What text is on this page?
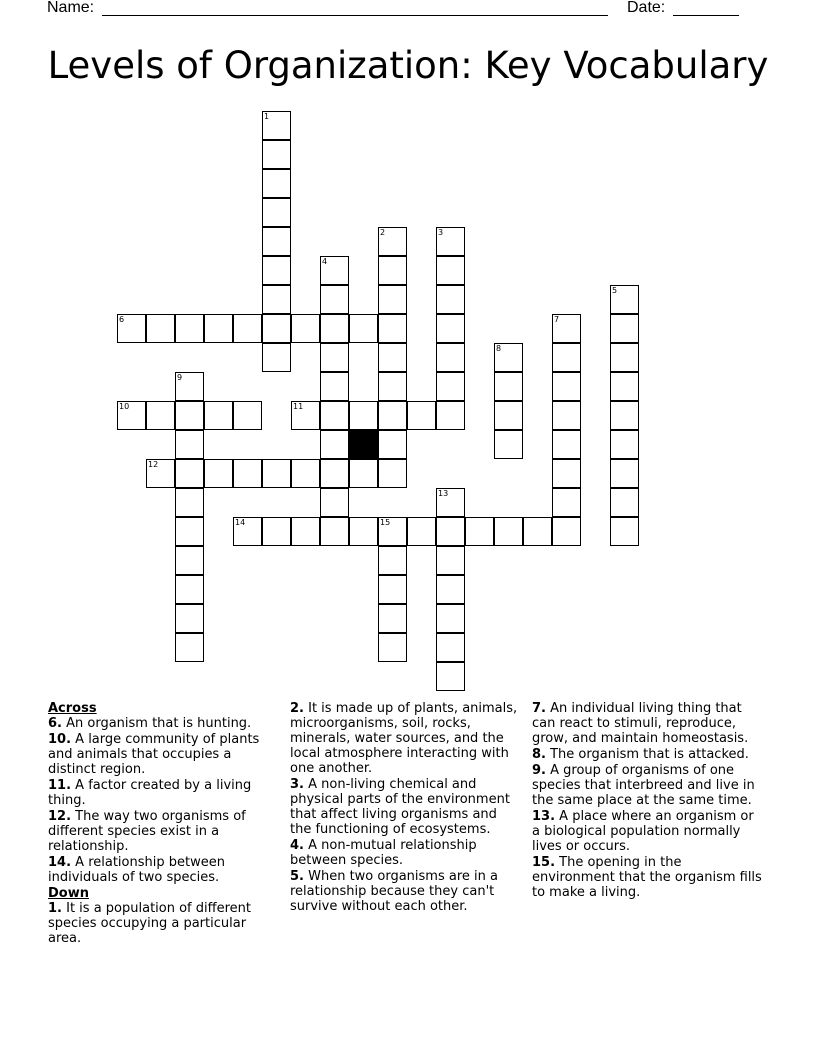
Name:	Date:
Levels of Organization: Key Vocabulary
1
2	3
4
5
6	7
8
9
10	11
12
13
14	15

Across

6. An organism that is hunting.

10. A large community of plants and animals that occupies a distinct region.

11. A factor created by a living thing.

12. The way two organisms of different species exist in a relationship.

14. A relationship between individuals of two species.

Down

1. It is a population of different species occupying a particular area.

2. It is made up of plants, animals, microorganisms, soil, rocks, minerals, water sources, and the local atmosphere interacting with one another.

3. A non-living chemical and physical parts of the environment that affect living organisms and the functioning of ecosystems.

4. A non-mutual relationship between species.

5. When two organisms are in a relationship because they can't survive without each other.

7. An individual living thing that can react to stimuli, reproduce, grow, and maintain homeostasis.

8. The organism that is attacked.

9. A group of organisms of one species that interbreed and live in the same place at the same time.

13. A place where an organism or a biological population normally lives or occurs.

15. The opening in the environment that the organism fills to make a living.
